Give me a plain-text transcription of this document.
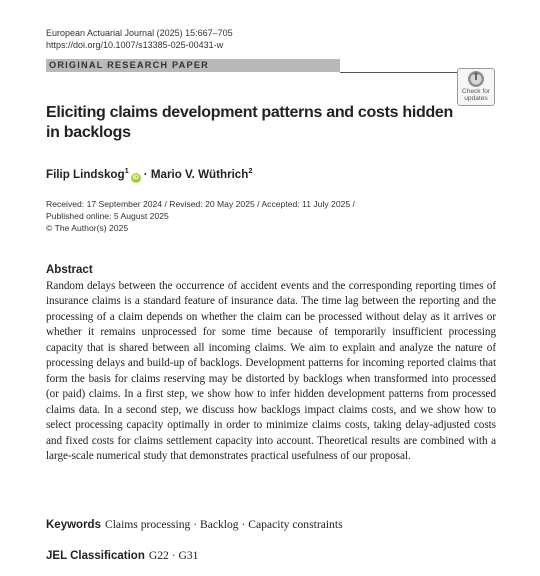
European Actuarial Journal (2025) 15:667–705
https://doi.org/10.1007/s13385-025-00431-w
ORIGINAL RESEARCH PAPER
Check for
updates
Eliciting claims development patterns and costs hidden in backlogs
Filip Lindskog$^1$iD · Mario V. Wüthrich$^2$
Received: 17 September 2024 / Revised: 20 May 2025 / Accepted: 11 July 2025 /
Published online: 5 August 2025
© The Author(s) 2025
Abstract
Random delays between the occurrence of accident events and the corresponding reporting times of insurance claims is a standard feature of insurance data. The time lag between the reporting and the processing of a claim depends on whether the claim can be processed without delay as it arrives or whether it remains unprocessed for some time because of temporarily insufficient processing capacity that is shared between all incoming claims. We aim to explain and analyze the nature of processing delays and build-up of backlogs. Development patterns for incoming reported claims that form the basis for claims reserving may be distorted by backlogs when transformed into processed (or paid) claims. In a first step, we show how to infer hidden development patterns from processed claims data. In a second step, we discuss how backlogs impact claims costs, and we show how to select processing capacity optimally in order to minimize claims costs, taking delay-adjusted costs and fixed costs for claims settlement capacity into account. Theoretical results are combined with a large-scale numerical study that demonstrates practical usefulness of our proposal.
Keywords Claims processing · Backlog · Capacity constraints
JEL Classification G22 · G31
